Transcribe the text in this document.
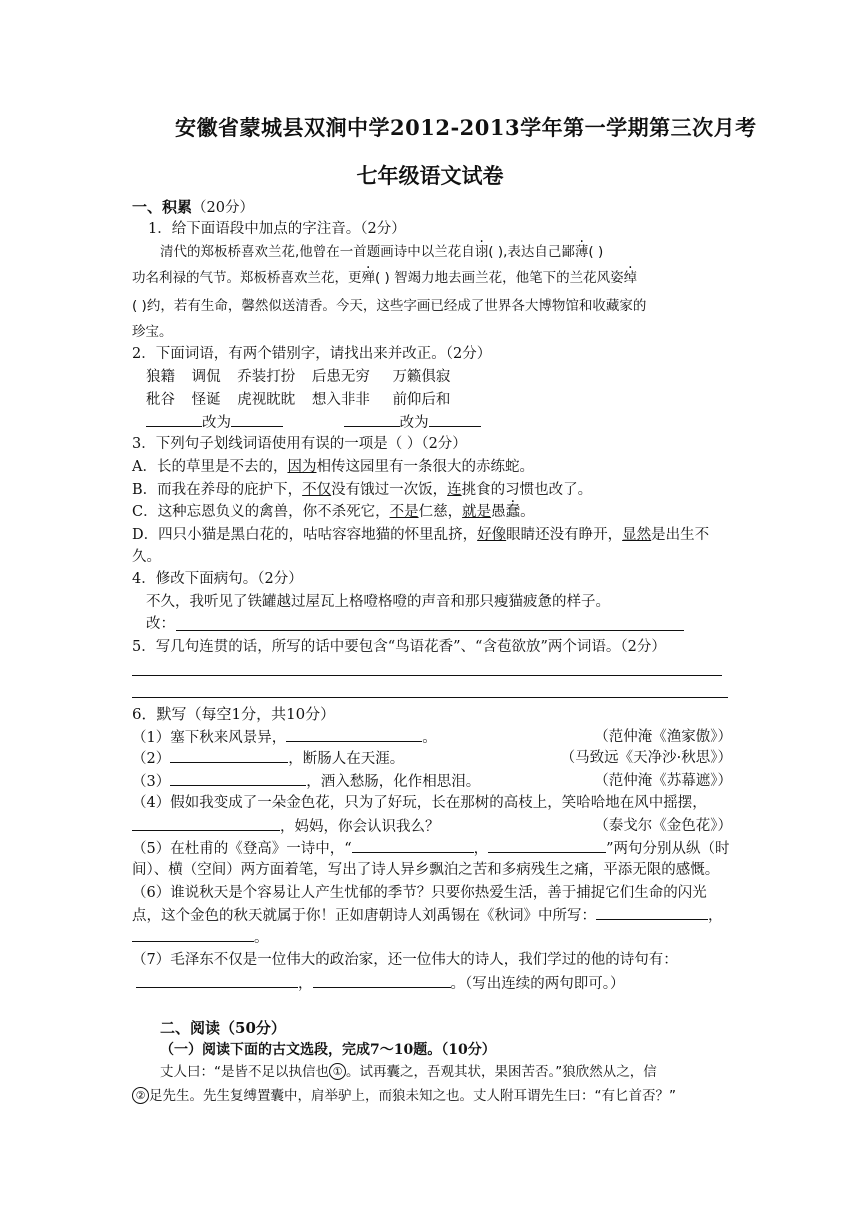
安徽省蒙城县双涧中学2012-2013学年第一学期第三次月考
七年级语文试卷
一、积累（20分）
1．给下面语段中加点的字注音。（2分）
清代的郑板桥喜欢兰花,他曾在一首题画诗中以兰花自诩( ),表达自己鄙薄( )
功名利禄的气节。郑板桥喜欢兰花，更殚( ) 智竭力地去画兰花，他笔下的兰花风姿绰
( )约，若有生命，馨然似送清香。今天，这些字画已经成了世界各大博物馆和收藏家的
珍宝。
2．下面词语，有两个错别字，请找出来并改正。（2分）
狼籍 调侃 乔装打扮 后患无穷 万籁俱寂
秕谷 怪诞 虎视眈眈 想入非非 前仰后和
改为	改为
3．下列句子划线词语使用有误的一项是（ ）（2分）
A．长的草里是不去的，因为相传这园里有一条很大的赤练蛇。
B．而我在养母的庇护下，不仅没有饿过一次饭，连挑食的习惯也改了。
C．这种忘恩负义的禽兽，你不杀死它，不是仁慈，就是愚蠢。
D．四只小猫是黑白花的，咕咕容容地猫的怀里乱挤，好像眼睛还没有睁开，显然是出生不
久。
4．修改下面病句。（2分）
不久，我听见了铁罐越过屋瓦上格噔格噔的声音和那只瘦猫疲惫的样子。
改：
5．写几句连贯的话，所写的话中要包含“鸟语花香”、“含苞欲放”两个词语。（2分）
6．默写（每空1分，共10分）
（1）塞下秋来风景异，	。	（范仲淹《渔家傲》）
（2）	，断肠人在天涯。	（马致远《天净沙·秋思》）
（3）	，酒入愁肠，化作相思泪。	（范仲淹《苏幕遮》）
（4）假如我变成了一朵金色花，只为了好玩，长在那树的高枝上，笑哈哈地在风中摇摆，
，妈妈，你会认识我么？	（泰戈尔《金色花》）
（5）在杜甫的《登高》一诗中，“	，	”两句分别从纵（时
间）、横（空间）两方面着笔，写出了诗人异乡飘泊之苦和多病残生之痛，平添无限的感慨。
（6）谁说秋天是个容易让人产生忧郁的季节？只要你热爱生活，善于捕捉它们生命的闪光
点，这个金色的秋天就属于你！正如唐朝诗人刘禹锡在《秋词》中所写：	，
。
（7）毛泽东不仅是一位伟大的政治家，还一位伟大的诗人，我们学过的他的诗句有：
，	。（写出连续的两句即可。）
二、阅读（50分）
（一）阅读下面的古文选段，完成7～10题。（10分）
丈人曰：“是皆不足以执信也 ① 。试再囊之，吾观其状，果困苦否。”狼欣然从之，信
② 足先生。先生复缚置囊中，肩举驴上，而狼未知之也。丈人附耳谓先生曰：“有匕首否？”
